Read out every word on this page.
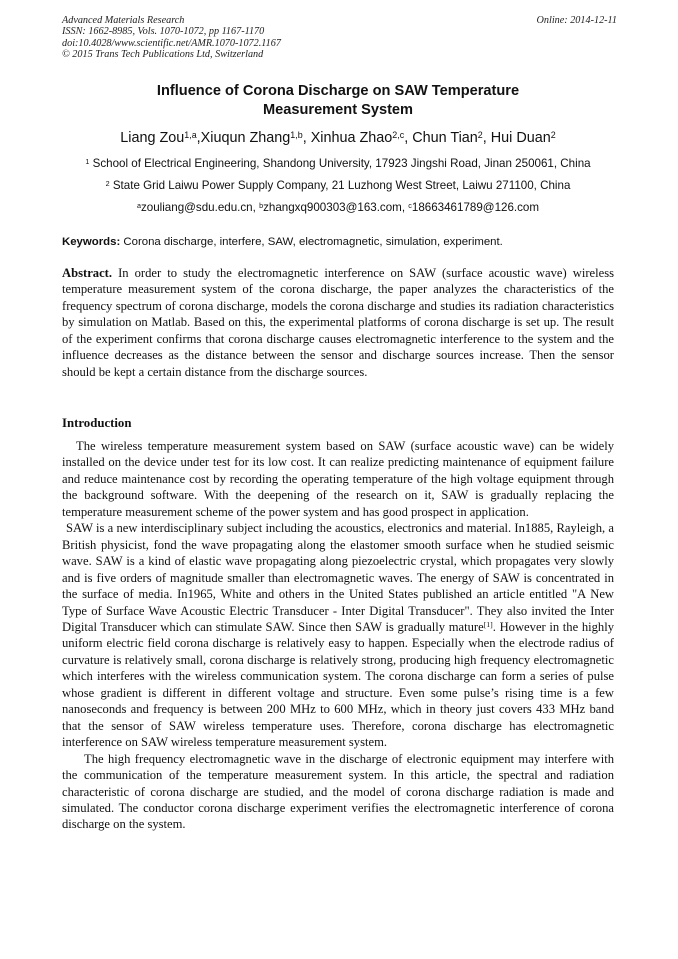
Advanced Materials Research
ISSN: 1662-8985, Vols. 1070-1072, pp 1167-1170
doi:10.4028/www.scientific.net/AMR.1070-1072.1167
© 2015 Trans Tech Publications Ltd, Switzerland
Online: 2014-12-11
Influence of Corona Discharge on SAW Temperature
Measurement System
Liang Zou$^{1,a}$,Xiuqun Zhang$^{1,b}$, Xinhua Zhao$^{2,c}$, Chun Tian$^2$, Hui Duan$^2$
$^1$ School of Electrical Engineering, Shandong University, 17923 Jingshi Road, Jinan 250061, China
$^2$ State Grid Laiwu Power Supply Company, 21 Luzhong West Street, Laiwu 271100, China
$^a$zouliang@sdu.edu.cn, $^b$zhangxq900303@163.com, $^c$18663461789@126.com
Keywords: Corona discharge, interfere, SAW, electromagnetic, simulation, experiment.
Abstract. In order to study the electromagnetic interference on SAW (surface acoustic wave) wireless temperature measurement system of the corona discharge, the paper analyzes the characteristics of the frequency spectrum of corona discharge, models the corona discharge and studies its radiation characteristics by simulation on Matlab. Based on this, the experimental platforms of corona discharge is set up. The result of the experiment confirms that corona discharge causes electromagnetic interference to the system and the influence decreases as the distance between the sensor and discharge sources increase. Then the sensor should be kept a certain distance from the discharge sources.
Introduction

The wireless temperature measurement system based on SAW (surface acoustic wave) can be widely installed on the device under test for its low cost. It can realize predicting maintenance of equipment failure and reduce maintenance cost by recording the operating temperature of the high voltage equipment through the background software. With the deepening of the research on it, SAW is gradually replacing the temperature measurement scheme of the power system and has good prospect in application.

SAW is a new interdisciplinary subject including the acoustics, electronics and material. In1885, Rayleigh, a British physicist, fond the wave propagating along the elastomer smooth surface when he studied seismic wave. SAW is a kind of elastic wave propagating along piezoelectric crystal, which propagates very slowly and is five orders of magnitude smaller than electromagnetic waves. The energy of SAW is concentrated in the surface of media. In1965, White and others in the United States published an article entitled "A New Type of Surface Wave Acoustic Electric Transducer - Inter Digital Transducer". They also invited the Inter Digital Transducer which can stimulate SAW. Since then SAW is gradually mature[1]. However in the highly uniform electric field corona discharge is relatively easy to happen. Especially when the electrode radius of curvature is relatively small, corona discharge is relatively strong, producing high frequency electromagnetic which interferes with the wireless communication system. The corona discharge can form a series of pulse whose gradient is different in different voltage and structure. Even some pulse’s rising time is a few nanoseconds and frequency is between 200 MHz to 600 MHz, which in theory just covers 433 MHz band that the sensor of SAW wireless temperature uses. Therefore, corona discharge has electromagnetic interference on SAW wireless temperature measurement system.

The high frequency electromagnetic wave in the discharge of electronic equipment may interfere with the communication of the temperature measurement system. In this article, the spectral and radiation characteristic of corona discharge are studied, and the model of corona discharge radiation is made and simulated. The conductor corona discharge experiment verifies the electromagnetic interference of corona discharge on the system.
